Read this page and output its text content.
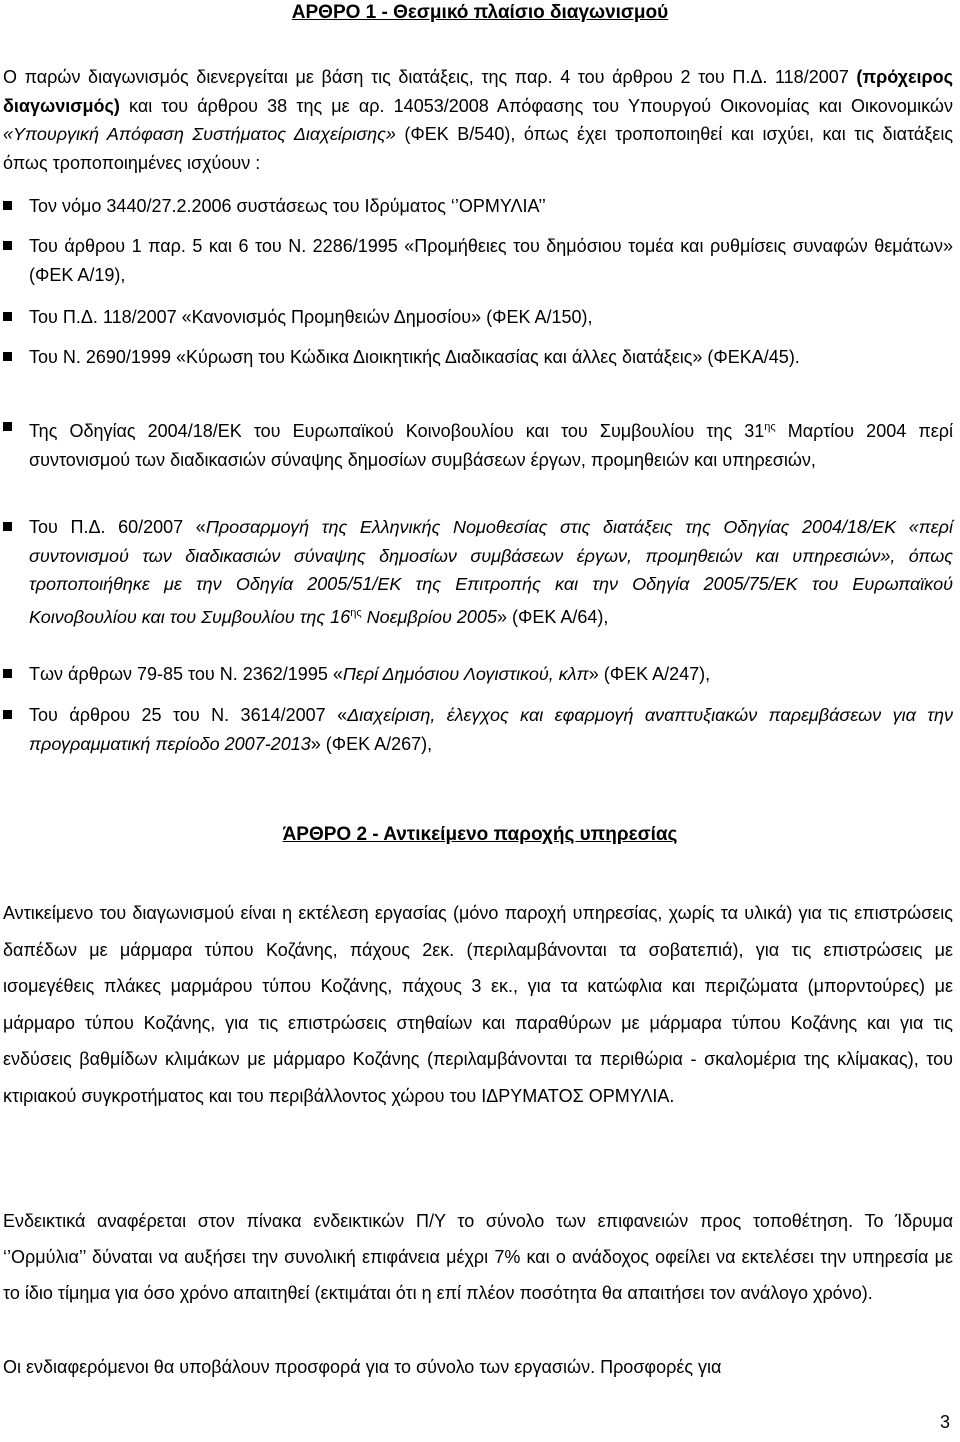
ΑΡΘΡΟ 1 - Θεσμικό πλαίσιο διαγωνισμού

Ο παρών διαγωνισμός διενεργείται με βάση τις διατάξεις, της παρ. 4 του άρθρου 2 του Π.Δ. 118/2007 (πρόχειρος διαγωνισμός) και του άρθρου 38 της με αρ. 14053/2008 Απόφασης του Υπουργού Οικονομίας και Οικονομικών «Υπουργική Απόφαση Συστήματος Διαχείρισης» (ΦΕΚ Β/540), όπως έχει τροποποιηθεί και ισχύει, και τις διατάξεις όπως τροποποιημένες ισχύουν :

Τον νόμο 3440/27.2.2006 συστάσεως του Ιδρύματος ‘’ΟΡΜΥΛΙΑ’’
Του άρθρου 1 παρ. 5 και 6 του Ν. 2286/1995 «Προμήθειες του δημόσιου τομέα και ρυθμίσεις συναφών θεμάτων» (ΦΕΚ Α/19),
Του Π.Δ. 118/2007 «Κανονισμός Προμηθειών Δημοσίου» (ΦΕΚ Α/150),
Του Ν. 2690/1999 «Κύρωση του Κώδικα Διοικητικής Διαδικασίας και άλλες διατάξεις» (ΦΕΚΑ/45).
Της Οδηγίας 2004/18/ΕΚ του Ευρωπαϊκού Κοινοβουλίου και του Συμβουλίου της $31^{\eta\varsigma}$ Μαρτίου 2004 περί συντονισμού των διαδικασιών σύναψης δημοσίων συμβάσεων έργων, προμηθειών και υπηρεσιών,
Του Π.Δ. 60/2007 «Προσαρμογή της Ελληνικής Νομοθεσίας στις διατάξεις της Οδηγίας 2004/18/ΕΚ «περί συντονισμού των διαδικασιών σύναψης δημοσίων συμβάσεων έργων, προμηθειών και υπηρεσιών», όπως τροποποιήθηκε με την Οδηγία 2005/51/ΕΚ της Επιτροπής και την Οδηγία 2005/75/ΕΚ του Ευρωπαϊκού Κοινοβουλίου και του Συμβουλίου της $16^{\eta\varsigma}$ Νοεμβρίου 2005» (ΦΕΚ Α/64),
Των άρθρων 79-85 του Ν. 2362/1995 «Περί Δημόσιου Λογιστικού, κλπ» (ΦΕΚ Α/247),
Του άρθρου 25 του Ν. 3614/2007 «Διαχείριση, έλεγχος και εφαρμογή αναπτυξιακών παρεμβάσεων για την προγραμματική περίοδο 2007-2013» (ΦΕΚ Α/267),
ΆΡΘΡΟ 2 - Αντικείμενο παροχής υπηρεσίας

Αντικείμενο του διαγωνισμού είναι η εκτέλεση εργασίας (μόνο παροχή υπηρεσίας, χωρίς τα υλικά) για τις επιστρώσεις δαπέδων με μάρμαρα τύπου Κοζάνης, πάχους 2εκ. (περιλαμβάνονται τα σοβατεπιά), για τις επιστρώσεις με ισομεγέθεις πλάκες μαρμάρου τύπου Κοζάνης, πάχους 3 εκ., για τα κατώφλια και περιζώματα (μπορντούρες) με μάρμαρο τύπου Κοζάνης, για τις επιστρώσεις στηθαίων και παραθύρων με μάρμαρα τύπου Κοζάνης και για τις ενδύσεις βαθμίδων κλιμάκων με μάρμαρο Κοζάνης (περιλαμβάνονται τα περιθώρια - σκαλομέρια της κλίμακας), του κτιριακού συγκροτήματος και του περιβάλλοντος χώρου του ΙΔΡΥΜΑΤΟΣ ΟΡΜΥΛΙΑ.

Ενδεικτικά αναφέρεται στον πίνακα ενδεικτικών Π/Υ το σύνολο των επιφανειών προς τοποθέτηση. Το Ίδρυμα ‘’Ορμύλια’’ δύναται να αυξήσει την συνολική επιφάνεια μέχρι 7% και ο ανάδοχος οφείλει να εκτελέσει την υπηρεσία με το ίδιο τίμημα για όσο χρόνο απαιτηθεί (εκτιμάται ότι η επί πλέον ποσότητα θα απαιτήσει τον ανάλογο χρόνο).

Οι ενδιαφερόμενοι θα υποβάλουν προσφορά για το σύνολο των εργασιών. Προσφορές για

3
